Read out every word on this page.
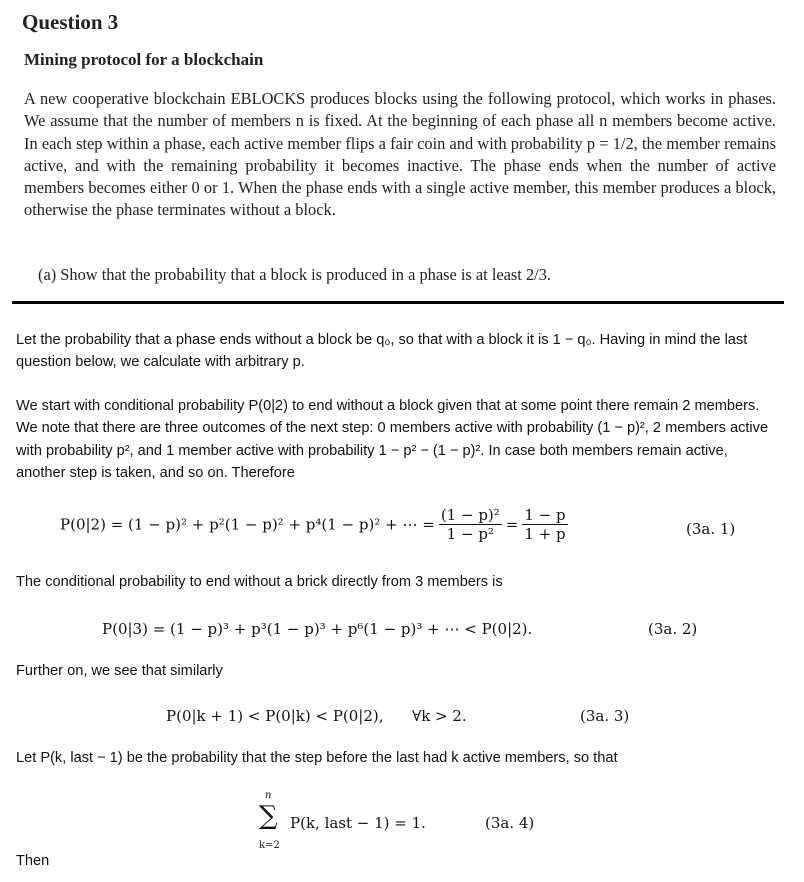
Question 3
Mining protocol for a blockchain

A new cooperative blockchain EBLOCKS produces blocks using the following protocol, which works in phases. We assume that the number of members n is fixed. At the beginning of each phase all n members become active. In each step within a phase, each active member flips a fair coin and with probability p = 1/2, the member remains active, and with the remaining probability it becomes inactive. The phase ends when the number of active members becomes either 0 or 1. When the phase ends with a single active member, this member produces a block, otherwise the phase terminates without a block.

(a) Show that the probability that a block is produced in a phase is at least 2/3.
Let the probability that a phase ends without a block be q₀, so that with a block it is 1 − q₀. Having in mind the last question below, we calculate with arbitrary p.
We start with conditional probability P(0|2) to end without a block given that at some point there remain 2 members. We note that there are three outcomes of the next step: 0 members active with probability (1 − p)², 2 members active with probability p², and 1 member active with probability 1 − p² − (1 − p)². In case both members remain active, another step is taken, and so on. Therefore
P(0|2) = (1 − p)² + p²(1 − p)² + p⁴(1 − p)² + ⋯ = $\frac{\text{(1 − p)²}}{\text{1 − p²}} = \frac{1 - p}{1 + p}$	(3a. 1)
The conditional probability to end without a brick directly from 3 members is
P(0|3) = (1 − p)³ + p³(1 − p)³ + p⁶(1 − p)³ + ⋯ < P(0|2).	(3a. 2)
Further on, we see that similarly
P(0|k + 1) < P(0|k) < P(0|2),      ∀k > 2.	(3a. 3)
Let P(k, last − 1) be the probability that the step before the last had k active members, so that
n
∑
k=2
P(k, last − 1) = 1.	(3a. 4)
Then
